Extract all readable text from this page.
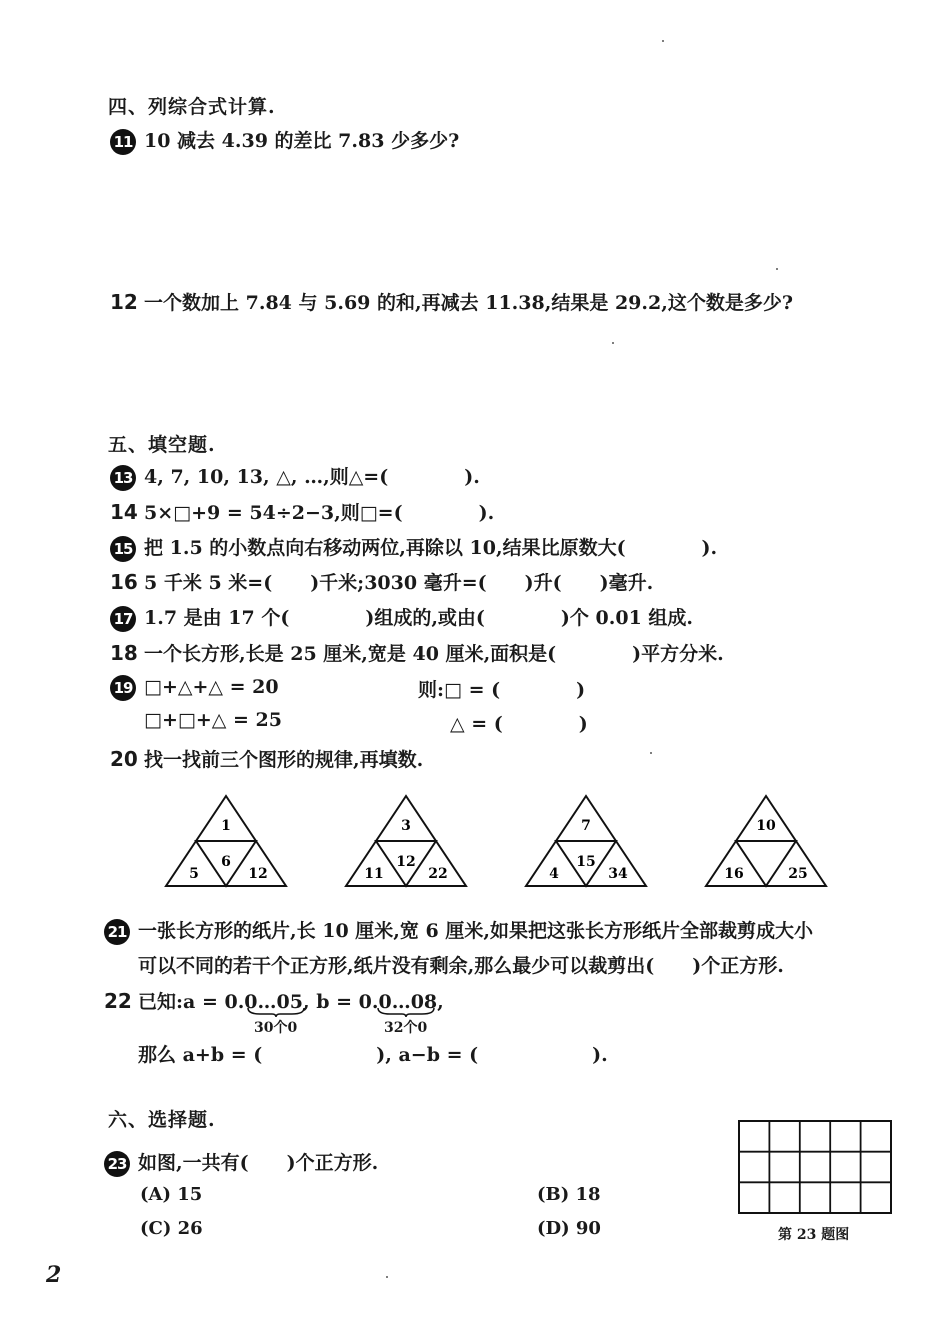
四、列综合式计算.
11 10 减去 4.39 的差比 7.83 少多少?
12 一个数加上 7.84 与 5.69 的和,再减去 11.38,结果是 29.2,这个数是多少?
五、填空题.
13 4, 7, 10, 13, △, …,则△=(　　　　).
14 5×□+9 = 54÷2−3,则□=(　　　　).
15 把 1.5 的小数点向右移动两位,再除以 10,结果比原数大(　　　　).
16 5 千米 5 米=(　　)千米;3030 毫升=(　　)升(　　)毫升.
17 1.7 是由 17 个(　　　　)组成的,或由(　　　　)个 0.01 组成.
18 一个长方形,长是 25 厘米,宽是 40 厘米,面积是(　　　　)平方分米.
19 □+△+△ = 20	则:□ = (　　　　)
□+□+△ = 25	△ = (　　　　)
20 找一找前三个图形的规律,再填数.
1
5
6
12
3
11
12
22
7
4
15
34
10
16	25
21 一张长方形的纸片,长 10 厘米,宽 6 厘米,如果把这张长方形纸片全部裁剪成大小
可以不同的若干个正方形,纸片没有剩余,那么最少可以裁剪出(　　)个正方形.
22 已知:a = 0.0…05, b = 0.0…08,
30个0	32个0
那么 a+b = (　　　　　　), a−b = (　　　　　　).
六、选择题.
23 如图,一共有(　　)个正方形.
(A) 15	(B) 18
(C) 26	(D) 90	第 23 题图
2
